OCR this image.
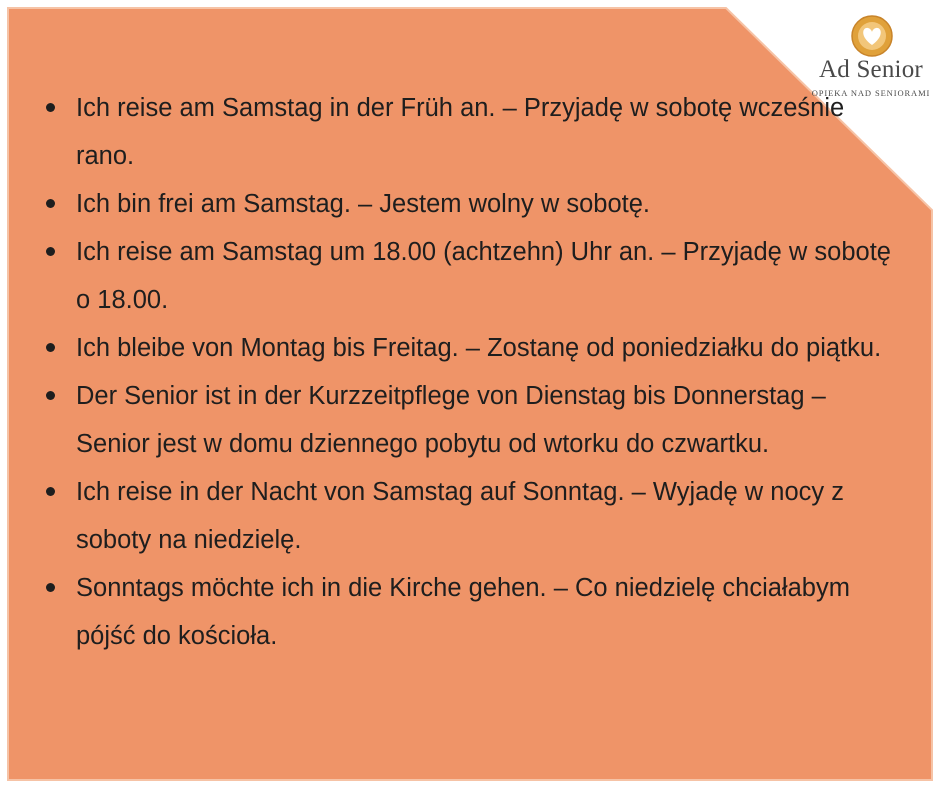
Ad Senior
OPIEKA NAD SENIORAMI
Ich reise am Samstag in der Früh an. – Przyjadę w sobotę wcześnie rano.
Ich bin frei am Samstag. – Jestem wolny w sobotę.
Ich reise am Samstag um 18.00 (achtzehn) Uhr an. – Przyjadę w sobotę o 18.00.
Ich bleibe von Montag bis Freitag. – Zostanę od poniedziałku do piątku.
Der Senior ist in der Kurzzeitpflege von Dienstag bis Donnerstag – Senior jest w domu dziennego pobytu od wtorku do czwartku.
Ich reise in der Nacht von Samstag auf Sonntag. – Wyjadę w nocy z soboty na niedzielę.
Sonntags möchte ich in die Kirche gehen. – Co niedzielę chciałabym pójść do kościoła.
